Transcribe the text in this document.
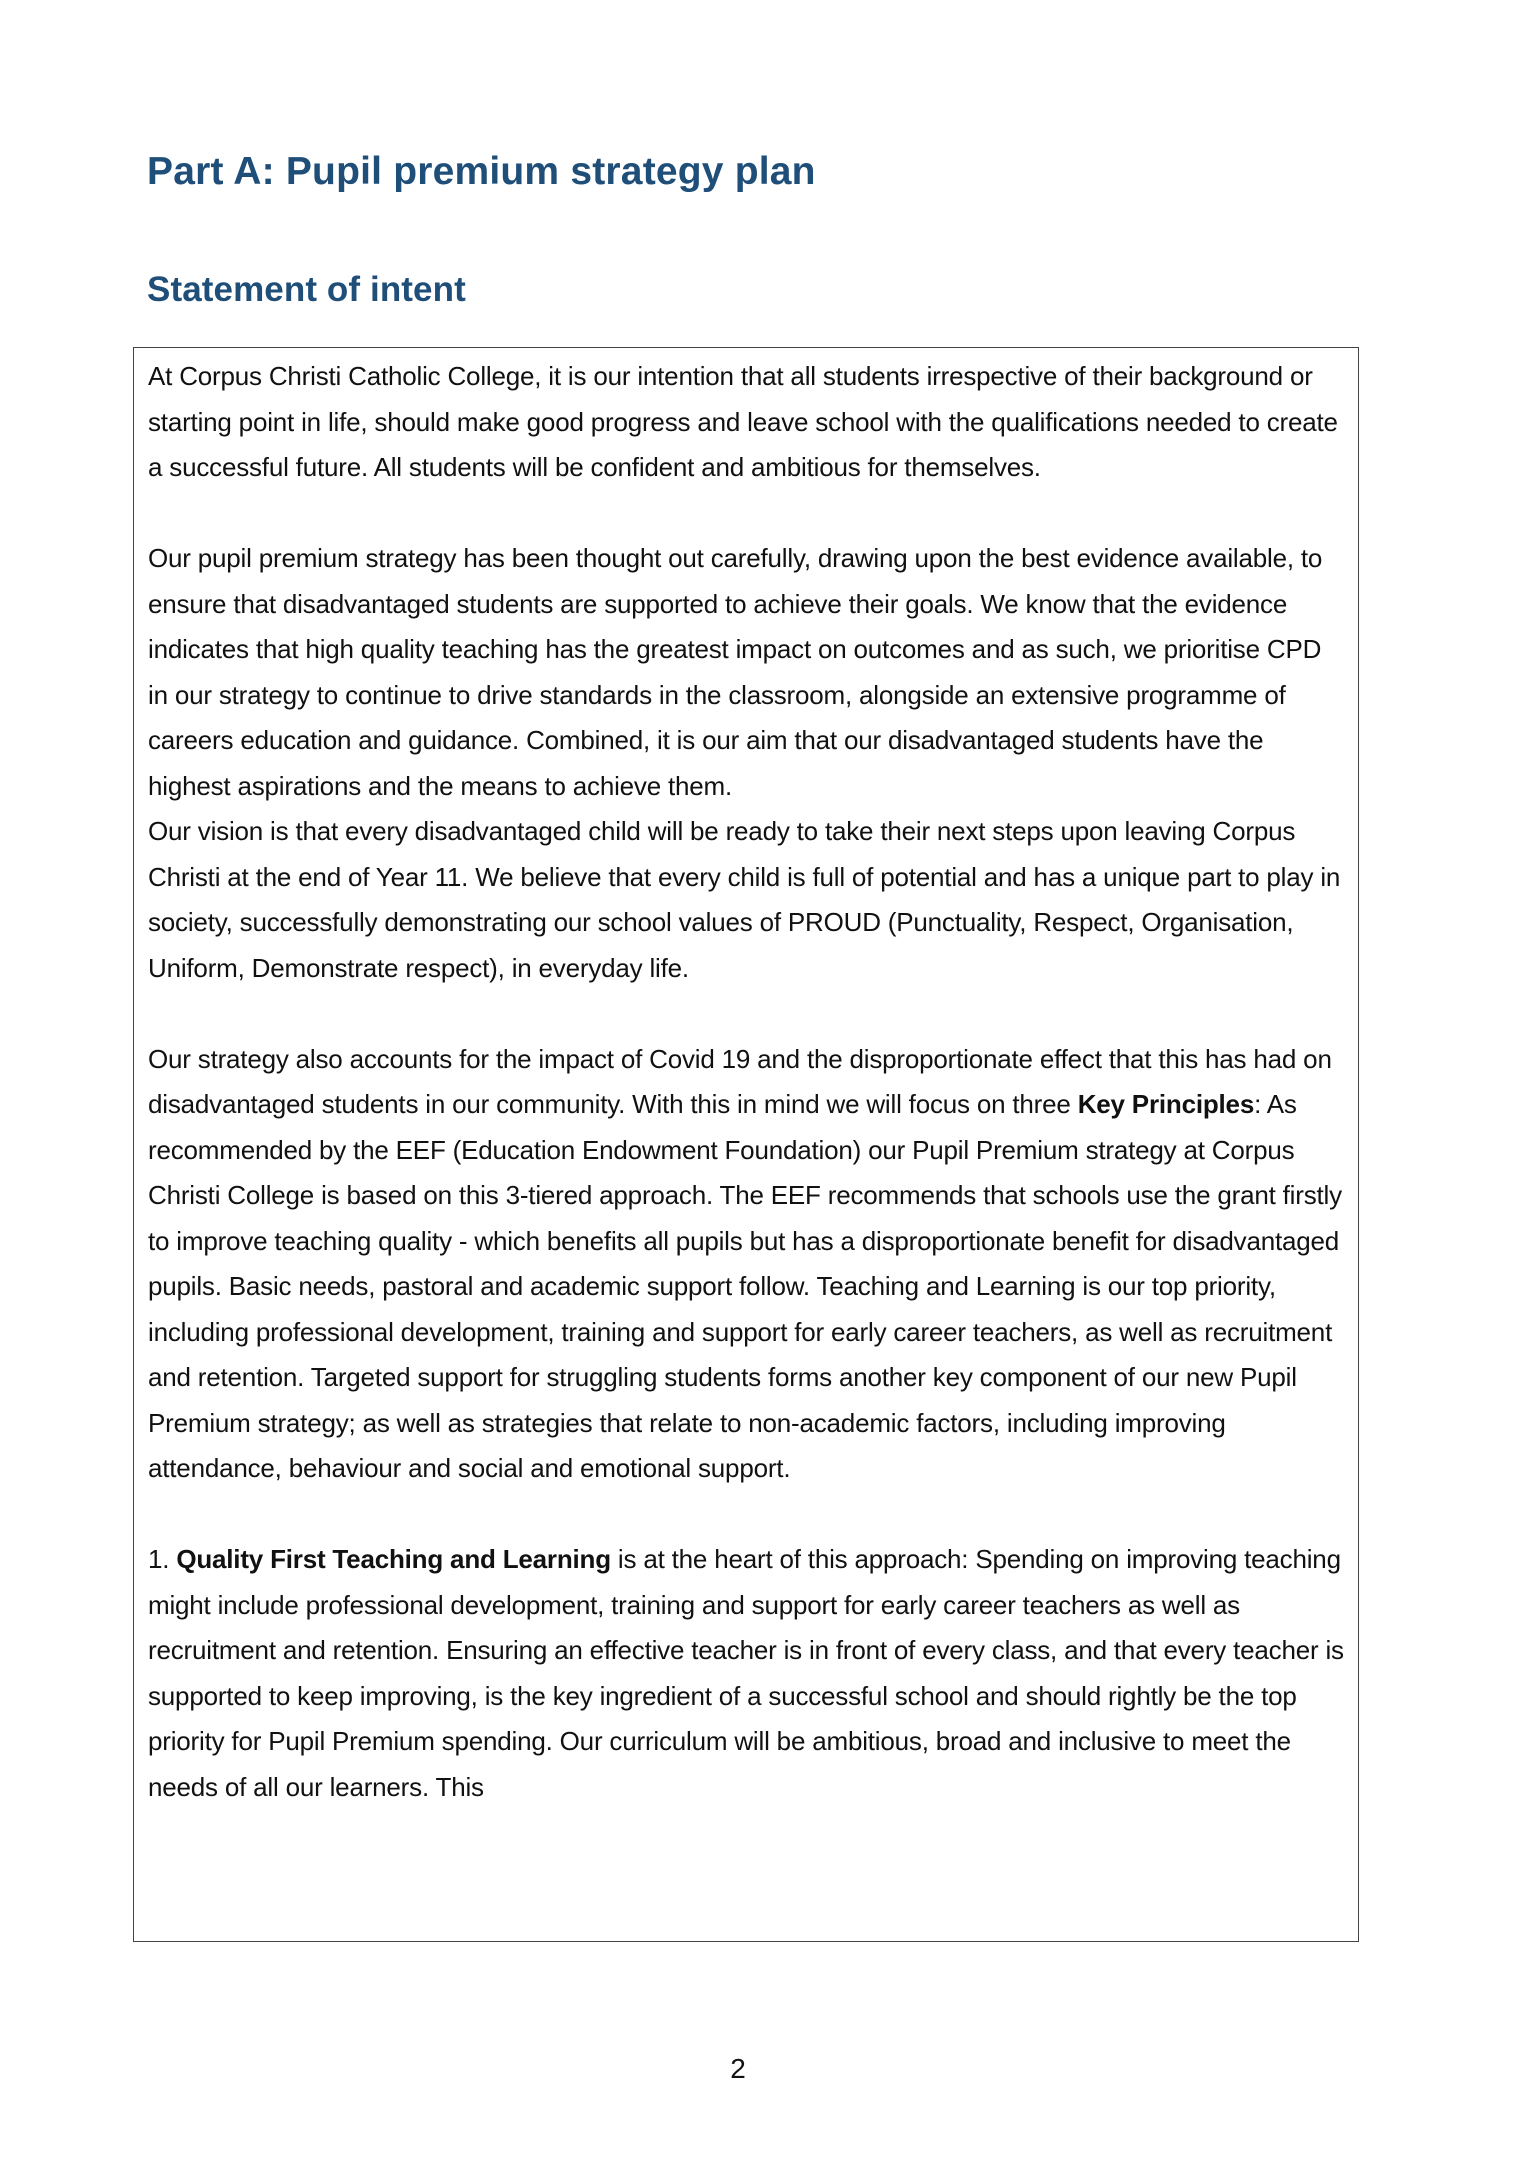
Part A: Pupil premium strategy plan
Statement of intent

At Corpus Christi Catholic College, it is our intention that all students irrespective of their background or starting point in life, should make good progress and leave school with the qualifications needed to create a successful future. All students will be confident and ambitious for themselves.

Our pupil premium strategy has been thought out carefully, drawing upon the best evidence available, to ensure that disadvantaged students are supported to achieve their goals. We know that the evidence indicates that high quality teaching has the greatest impact on outcomes and as such, we prioritise CPD in our strategy to continue to drive standards in the classroom, alongside an extensive programme of careers education and guidance. Combined, it is our aim that our disadvantaged students have the highest aspirations and the means to achieve them.

Our vision is that every disadvantaged child will be ready to take their next steps upon leaving Corpus Christi at the end of Year 11. We believe that every child is full of potential and has a unique part to play in society, successfully demonstrating our school values of PROUD (Punctuality, Respect, Organisation, Uniform, Demonstrate respect), in everyday life.

Our strategy also accounts for the impact of Covid 19 and the disproportionate effect that this has had on disadvantaged students in our community. With this in mind we will focus on three Key Principles: As recommended by the EEF (Education Endowment Foundation) our Pupil Premium strategy at Corpus Christi College is based on this 3-tiered approach. The EEF recommends that schools use the grant firstly to improve teaching quality - which benefits all pupils but has a disproportionate benefit for disadvantaged pupils. Basic needs, pastoral and academic support follow. Teaching and Learning is our top priority, including professional development, training and support for early career teachers, as well as recruitment and retention. Targeted support for struggling students forms another key component of our new Pupil Premium strategy; as well as strategies that relate to non-academic factors, including improving attendance, behaviour and social and emotional support.

1. Quality First Teaching and Learning is at the heart of this approach: Spending on improving teaching might include professional development, training and support for early career teachers as well as recruitment and retention. Ensuring an effective teacher is in front of every class, and that every teacher is supported to keep improving, is the key ingredient of a successful school and should rightly be the top priority for Pupil Premium spending. Our curriculum will be ambitious, broad and inclusive to meet the needs of all our learners. This

2
